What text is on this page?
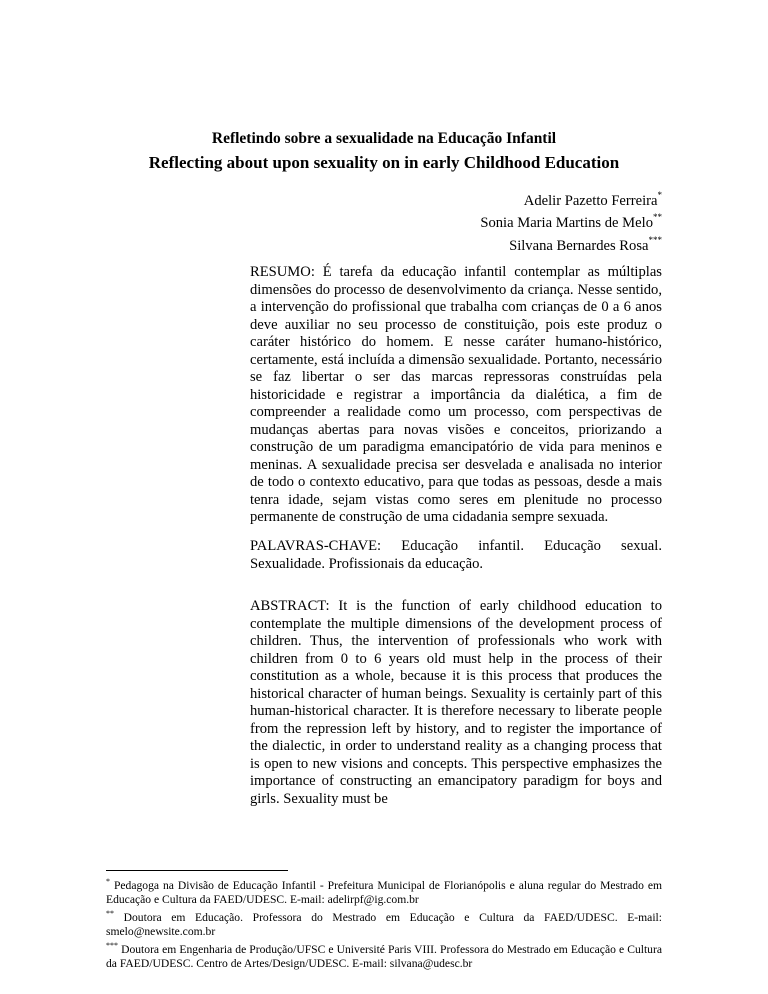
Refletindo sobre a sexualidade na Educação Infantil
Reflecting about upon sexuality on in early Childhood Education
Adelir Pazetto Ferreira*
Sonia Maria Martins de Melo**
Silvana Bernardes Rosa***
RESUMO: É tarefa da educação infantil contemplar as múltiplas dimensões do processo de desenvolvimento da criança. Nesse sentido, a intervenção do profissional que trabalha com crianças de 0 a 6 anos deve auxiliar no seu processo de constituição, pois este produz o caráter histórico do homem. E nesse caráter humano-histórico, certamente, está incluída a dimensão sexualidade. Portanto, necessário se faz libertar o ser das marcas repressoras construídas pela historicidade e registrar a importância da dialética, a fim de compreender a realidade como um processo, com perspectivas de mudanças abertas para novas visões e conceitos, priorizando a construção de um paradigma emancipatório de vida para meninos e meninas. A sexualidade precisa ser desvelada e analisada no interior de todo o contexto educativo, para que todas as pessoas, desde a mais tenra idade, sejam vistas como seres em plenitude no processo permanente de construção de uma cidadania sempre sexuada.
PALAVRAS-CHAVE: Educação infantil. Educação sexual. Sexualidade. Profissionais da educação.
ABSTRACT: It is the function of early childhood education to contemplate the multiple dimensions of the development process of children. Thus, the intervention of professionals who work with children from 0 to 6 years old must help in the process of their constitution as a whole, because it is this process that produces the historical character of human beings. Sexuality is certainly part of this human-historical character. It is therefore necessary to liberate people from the repression left by history, and to register the importance of the dialectic, in order to understand reality as a changing process that is open to new visions and concepts. This perspective emphasizes the importance of constructing an emancipatory paradigm for boys and girls. Sexuality must be

* Pedagoga na Divisão de Educação Infantil - Prefeitura Municipal de Florianópolis e aluna regular do Mestrado em Educação e Cultura da FAED/UDESC. E-mail: adelirpf@ig.com.br

** Doutora em Educação. Professora do Mestrado em Educação e Cultura da FAED/UDESC. E-mail: smelo@newsite.com.br

*** Doutora em Engenharia de Produção/UFSC e Université Paris VIII. Professora do Mestrado em Educação e Cultura da FAED/UDESC. Centro de Artes/Design/UDESC. E-mail: silvana@udesc.br
